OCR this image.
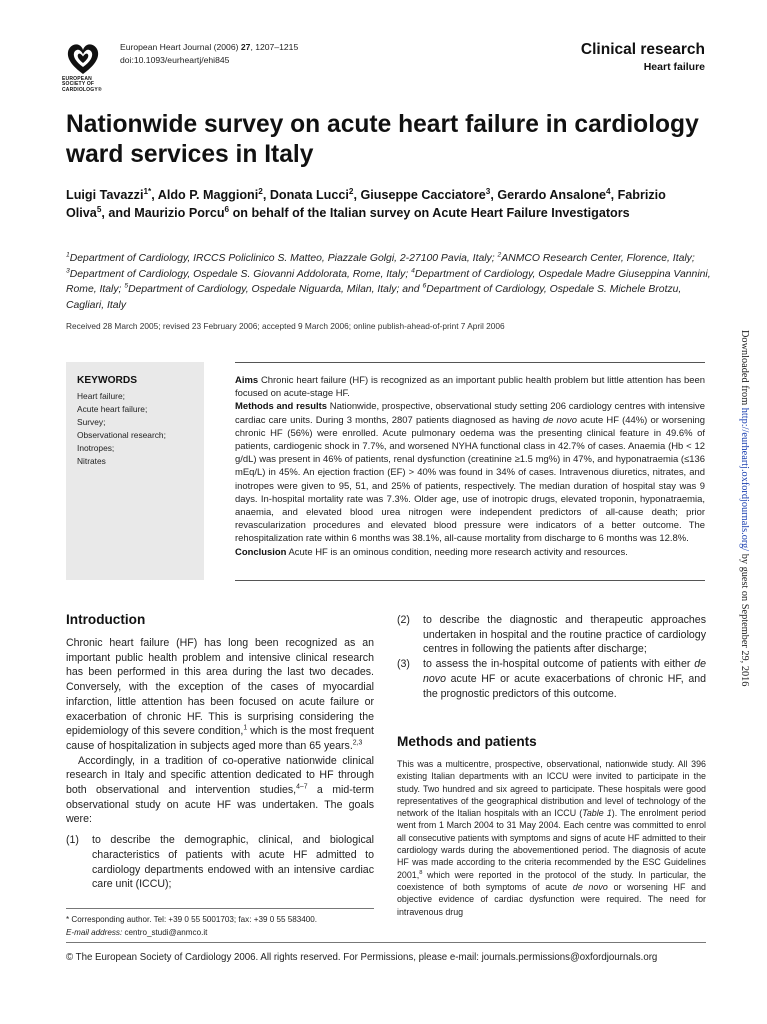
EUROPEAN
SOCIETY OF
CARDIOLOGY®
European Heart Journal (2006) 27, 1207–1215
doi:10.1093/eurheartj/ehi845
Clinical research
Heart failure
Nationwide survey on acute heart failure in cardiology ward services in Italy
Luigi Tavazzi$^{1*}$, Aldo P. Maggioni$^2$, Donata Lucci$^2$, Giuseppe Cacciatore$^3$, Gerardo Ansalone$^4$, Fabrizio Oliva$^5$, and Maurizio Porcu$^6$ on behalf of the Italian survey on Acute Heart Failure Investigators
$^1$Department of Cardiology, IRCCS Policlinico S. Matteo, Piazzale Golgi, 2-27100 Pavia, Italy; $^2$ANMCO Research Center, Florence, Italy; $^3$Department of Cardiology, Ospedale S. Giovanni Addolorata, Rome, Italy; $^4$Department of Cardiology, Ospedale Madre Giuseppina Vannini, Rome, Italy; $^5$Department of Cardiology, Ospedale Niguarda, Milan, Italy; and $^6$Department of Cardiology, Ospedale S. Michele Brotzu, Cagliari, Italy
Received 28 March 2005; revised 23 February 2006; accepted 9 March 2006; online publish-ahead-of-print 7 April 2006
KEYWORDS
Heart failure;
Acute heart failure;
Survey;
Observational research;
Inotropes;
Nitrates

Aims Chronic heart failure (HF) is recognized as an important public health problem but little attention has been focused on acute-stage HF.

Methods and results Nationwide, prospective, observational study setting 206 cardiology centres with intensive cardiac care units. During 3 months, 2807 patients diagnosed as having de novo acute HF (44%) or worsening chronic HF (56%) were enrolled. Acute pulmonary oedema was the presenting clinical feature in 49.6% of patients, cardiogenic shock in 7.7%, and worsened NYHA functional class in 42.7% of cases. Anaemia (Hb < 12 g/dL) was present in 46% of patients, renal dysfunction (creatinine ≥1.5 mg%) in 47%, and hyponatraemia (≤136 mEq/L) in 45%. An ejection fraction (EF) > 40% was found in 34% of cases. Intravenous diuretics, nitrates, and inotropes were given to 95, 51, and 25% of patients, respectively. The median duration of hospital stay was 9 days. In-hospital mortality rate was 7.3%. Older age, use of inotropic drugs, elevated troponin, hyponatraemia, anaemia, and elevated blood urea nitrogen were independent predictors of all-cause death; prior revascularization procedures and elevated blood pressure were indicators of a better outcome. The rehospitalization rate within 6 months was 38.1%, all-cause mortality from discharge to 6 months was 12.8%.

Conclusion Acute HF is an ominous condition, needing more research activity and resources.

Introduction

Chronic heart failure (HF) has long been recognized as an important public health problem and intensive clinical research has been performed in this area during the last two decades. Conversely, with the exception of the cases of myocardial infarction, little attention has been focused on acute failure or exacerbation of chronic HF. This is surprising considering the epidemiology of this severe condition,$^1$ which is the most frequent cause of hospitalization in subjects aged more than 65 years.$^{2,3}$

Accordingly, in a tradition of co-operative nationwide clinical research in Italy and specific attention dedicated to HF through both observational and intervention studies,$^{4-7}$ a mid-term observational study on acute HF was undertaken. The goals were:

(1) to describe the demographic, clinical, and biological characteristics of patients with acute HF admitted to cardiology departments endowed with an intensive cardiac care unit (ICCU);
* Corresponding author. Tel: +39 0 55 5001703; fax: +39 0 55 583400.
E-mail address: centro_studi@anmco.it
(2) to describe the diagnostic and therapeutic approaches undertaken in hospital and the routine practice of cardiology centres in following the patients after discharge;
(3) to assess the in-hospital outcome of patients with either de novo acute HF or acute exacerbations of chronic HF, and the prognostic predictors of this outcome.
Methods and patients

This was a multicentre, prospective, observational, nationwide study. All 396 existing Italian departments with an ICCU were invited to participate in the study. Two hundred and six agreed to participate. These hospitals were good representatives of the geographical distribution and level of technology of the network of the Italian hospitals with an ICCU (Table 1). The enrolment period went from 1 March 2004 to 31 May 2004. Each centre was committed to enrol all consecutive patients with symptoms and signs of acute HF admitted to their cardiology wards during the abovementioned period. The diagnosis of acute HF was made according to the criteria recommended by the ESC Guidelines 2001,$^8$ which were reported in the protocol of the study. In particular, the coexistence of both symptoms of acute de novo or worsening HF and objective evidence of cardiac dysfunction were required. The need for intravenous drug

© The European Society of Cardiology 2006. All rights reserved. For Permissions, please e-mail: journals.permissions@oxfordjournals.org
Downloaded from http://eurheartj.oxfordjournals.org/ by guest on September 29, 2016
